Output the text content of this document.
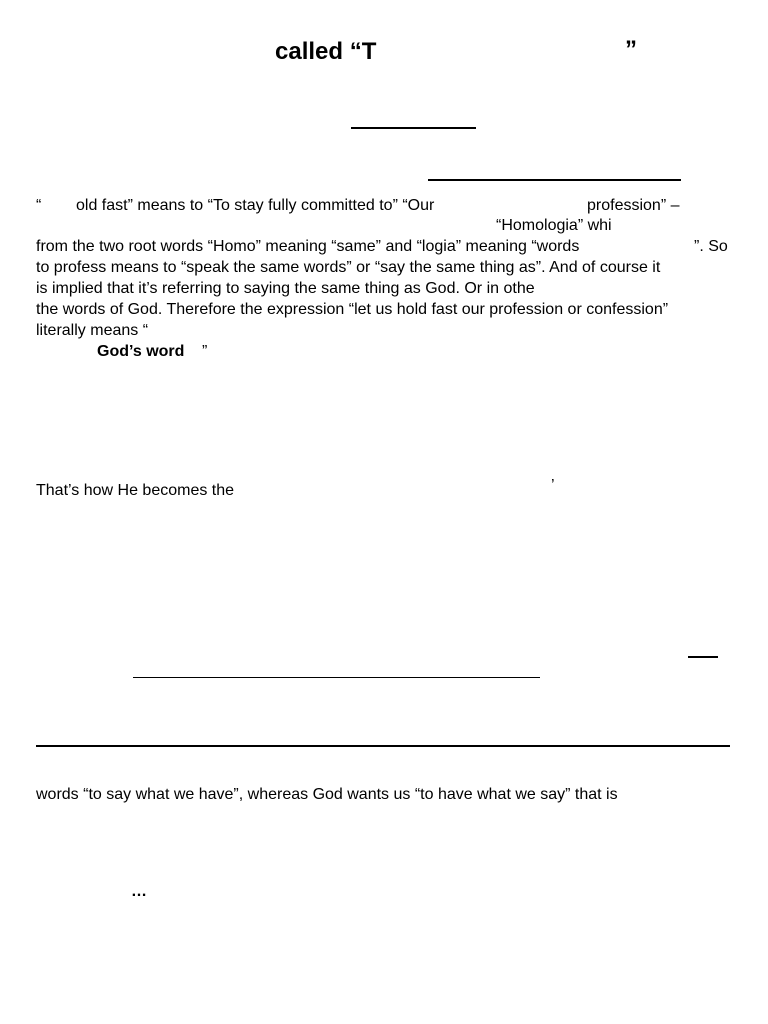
called “T	”
“ old fast” means to “To stay fully committed to” “Our	profession” –
“Homologia” whi
from the two root words “Homo” meaning “same” and “logia” meaning “words	”. So
to profess means to “speak the same words” or “say the same thing as”. And of course it
is implied that it’s referring to saying the same thing as God. Or in othe
the words of God. Therefore the expression “let us hold fast our profession or confession”
literally means “
God’s word ”
That’s how He becomes the	’
words “to say what we have”, whereas God wants us “to have what we say” that is
…
